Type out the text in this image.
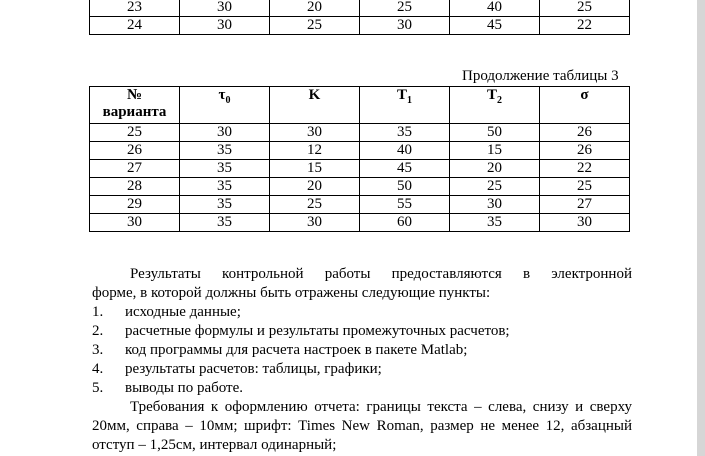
23	30	20	25	40	25
24	30	25	30	45	22
Продолжение таблицы 3
№
варианта	$\tau_0$	K	$T_1$	$T_2$	σ
25	30	30	35	50	26
26	35	12	40	15	26
27	35	15	45	20	22
28	35	20	50	25	25
29	35	25	55	30	27
30	35	30	60	35	30

Результаты контрольной работы предоставляются в электронной

форме, в которой должны быть отражены следующие пункты:

1.	исходные данные;
2.	расчетные формулы и результаты промежуточных расчетов;
3.	код программы для расчета настроек в пакете Matlab;
4.	результаты расчетов: таблицы, графики;
5.	выводы по работе.

Требования к оформлению отчета: границы текста – слева, снизу и сверху 20мм, справа – 10мм; шрифт: Times New Roman, размер не менее 12, абзацный отступ – 1,25см, интервал одинарный;
